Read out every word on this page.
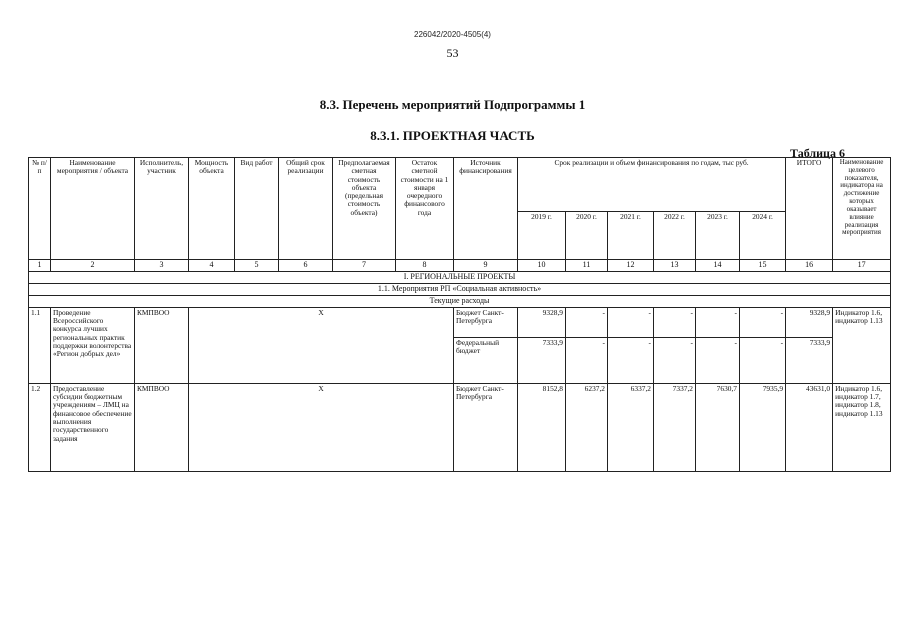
226042/2020-4505(4)
53
8.3. Перечень мероприятий Подпрограммы 1
8.3.1. ПРОЕКТНАЯ ЧАСТЬ
Таблица 6
№ п/п	Наименование мероприятия / объекта	Исполнитель, участник	Мощность объекта	Вид работ	Общий срок реализации	Предполагаемая сметная стоимость объекта (предельная стоимость объекта)	Остаток сметной стоимости на 1 января очередного финансового года	Источник финансирования	Срок реализации и объем финансирования по годам, тыс руб.						ИТОГО	Наименование целевого показателя, индикатора на достижение которых оказывает влияние реализация мероприятия
									2019 г.	2020 г.	2021 г.	2022 г.	2023 г.	2024 г.		
1	2	3	4	5	6	7	8	9	10	11	12	13	14	15	16	17
I. РЕГИОНАЛЬНЫЕ ПРОЕКТЫ																
1.1. Мероприятия РП «Социальная активность»																
Текущие расходы																
1.1	Проведение Всероссийского конкурса лучших региональных практик поддержки волонтерства «Регион добрых дел»	КМПВОО	Х					Бюджет Санкт-Петербурга	9328,9	-	-	-	-	-	9328,9	Индикатор 1.6, индикатор 1.13
								Федеральный бюджет	7333,9	-	-	-	-	-	7333,9	
1.2	Предоставление субсидии бюджетным учреждениям – ЛМЦ на финансовое обеспечение выполнения государственного задания	КМПВОО	Х					Бюджет Санкт-Петербурга	8152,8	6237,2	6337,2	7337,2	7630,7	7935,9	43631,0	Индикатор 1.6, индикатор 1.7, индикатор 1.8, индикатор 1.13
